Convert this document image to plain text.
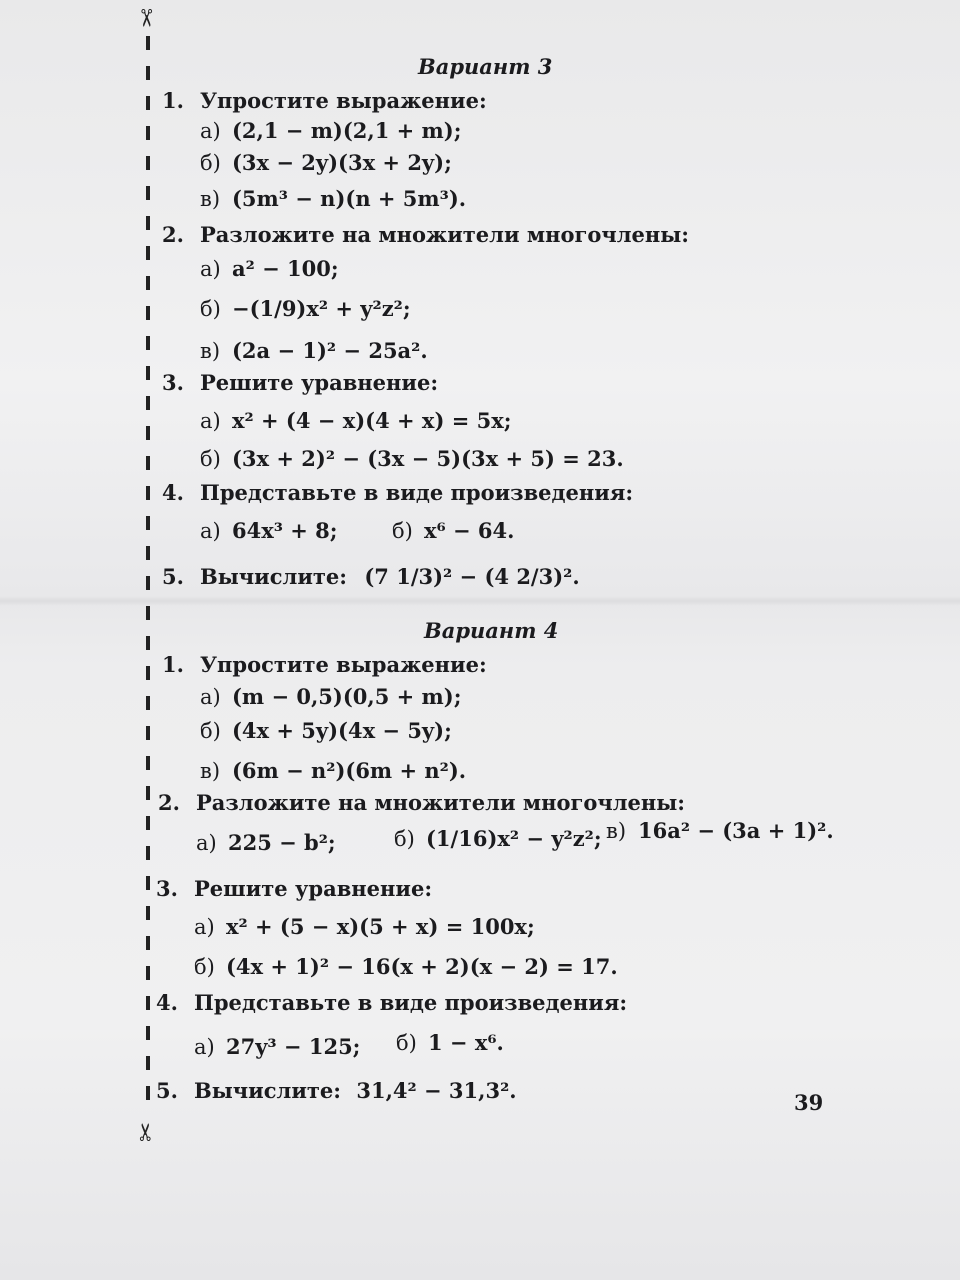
✂
✂
Вариант 3
1. Упростите выражение:
а) (2,1 − m)(2,1 + m);
б) (3x − 2y)(3x + 2y);
в) (5m³ − n)(n + 5m³).
2. Разложите на множители многочлены:
а) a² − 100;
б) −(1/9)x² + y²z²;
в) (2a − 1)² − 25a².
3. Решите уравнение:
а) x² + (4 − x)(4 + x) = 5x;
б) (3x + 2)² − (3x − 5)(3x + 5) = 23.
4. Представьте в виде произведения:
а) 64x³ + 8;	б) x⁶ − 64.
5. Вычислите: (7 1/3)² − (4 2/3)².
Вариант 4
1. Упростите выражение:
а) (m − 0,5)(0,5 + m);
б) (4x + 5y)(4x − 5y);
в) (6m − n²)(6m + n²).
2. Разложите на множители многочлены:
а) 225 − b²;	б) (1/16)x² − y²z²; в) 16a² − (3a + 1)².
3. Решите уравнение:
а) x² + (5 − x)(5 + x) = 100x;
б) (4x + 1)² − 16(x + 2)(x − 2) = 17.
4. Представьте в виде произведения:
а) 27y³ − 125; б) 1 − x⁶.
5. Вычислите: 31,4² − 31,3².	39
